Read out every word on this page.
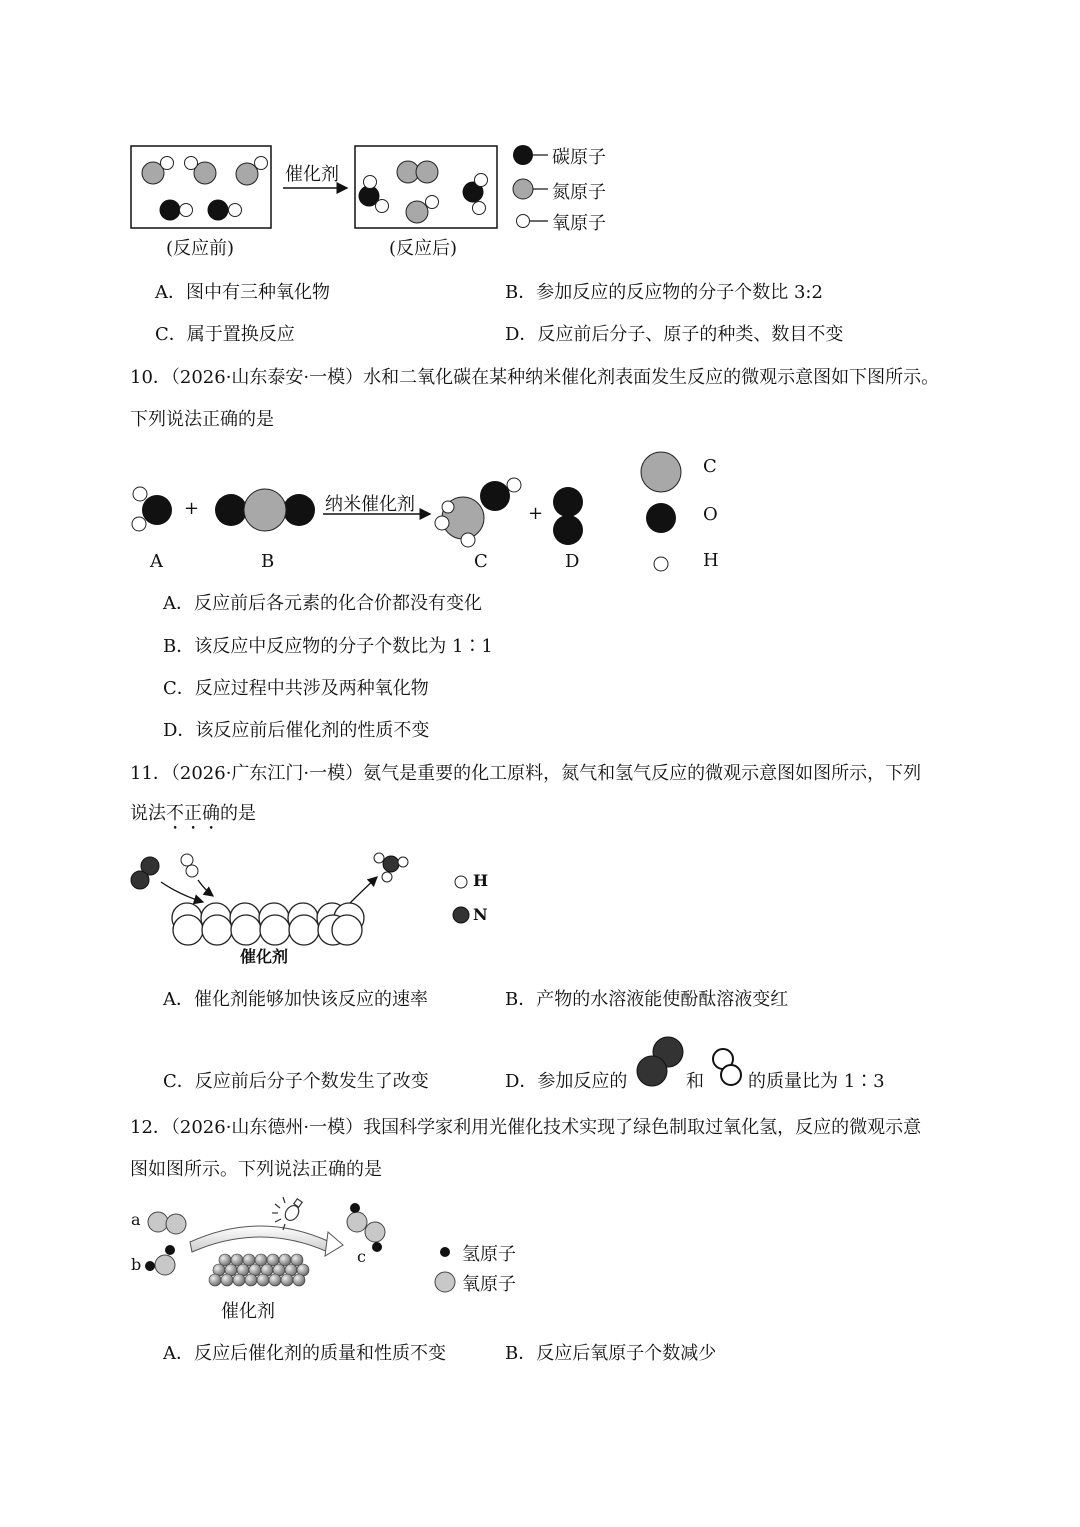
催化剂
(反应前)	(反应后)
碳原子
氮原子
氧原子
A．图中有三种氧化物	B．参加反应的反应物的分子个数比 3:2
C．属于置换反应	D．反应前后分子、原子的种类、数目不变
10．（2026·山东泰安·一模）水和二氧化碳在某种纳米催化剂表面发生反应的微观示意图如下图所示。
下列说法正确的是
+	+
纳米催化剂
A	B	C	D
C
O
H
A．反应前后各元素的化合价都没有变化
B．该反应中反应物的分子个数比为 1∶1
C．反应过程中共涉及两种氧化物
D．该反应前后催化剂的性质不变
11．（2026·广东江门·一模）氨气是重要的化工原料，氮气和氢气反应的微观示意图如图所示，下列
说法不正确的是
催化剂
H
N
A．催化剂能够加快该反应的速率	B．产物的水溶液能使酚酞溶液变红
C．反应前后分子个数发生了改变	D．参加反应的	和 的质量比为 1∶3
12．（2026·山东德州·一模）我国科学家利用光催化技术实现了绿色制取过氧化氢，反应的微观示意
图如图所示。下列说法正确的是
a
b	c
催化剂
氢原子
氧原子
A．反应后催化剂的质量和性质不变	B．反应后氧原子个数减少
